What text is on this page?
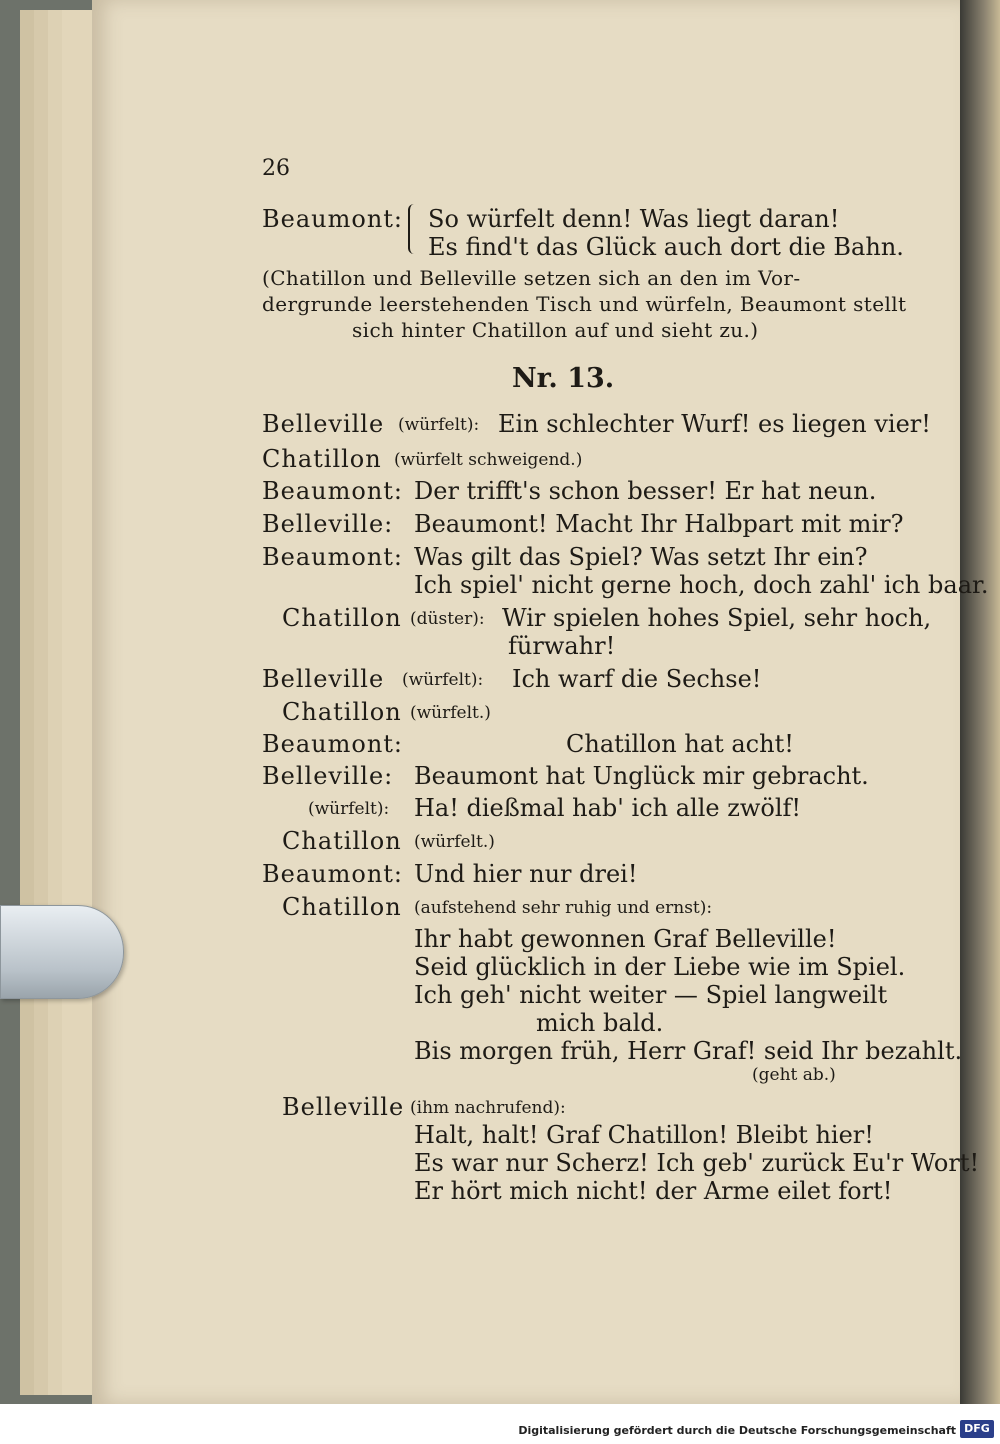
26
Beaumont: So würfelt denn! Was liegt daran!
Es find't das Glück auch dort die Bahn.
(Chatillon und Belleville setzen sich an den im Vor-
dergrunde leerstehenden Tisch und würfeln, Beaumont stellt
sich hinter Chatillon auf und sieht zu.)
Nr. 13.
Belleville (würfelt): Ein schlechter Wurf! es liegen vier!
Chatillon (würfelt schweigend.)
Beaumont: Der trifft's schon besser! Er hat neun.
Belleville: Beaumont! Macht Ihr Halbpart mit mir?
Beaumont: Was gilt das Spiel? Was setzt Ihr ein?
Ich spiel' nicht gerne hoch, doch zahl' ich baar.
Chatillon (düster): Wir spielen hohes Spiel, sehr hoch,
fürwahr!
Belleville (würfelt): Ich warf die Sechse!
Chatillon (würfelt.)
Beaumont:	Chatillon hat acht!
Belleville: Beaumont hat Unglück mir gebracht.
(würfelt): Ha! dießmal hab' ich alle zwölf!
Chatillon (würfelt.)
Beaumont: Und hier nur drei!
Chatillon (aufstehend sehr ruhig und ernst):
Ihr habt gewonnen Graf Belleville!
Seid glücklich in der Liebe wie im Spiel.
Ich geh' nicht weiter — Spiel langweilt
mich bald.
Bis morgen früh, Herr Graf! seid Ihr bezahlt.
(geht ab.)
Belleville (ihm nachrufend):
Halt, halt! Graf Chatillon! Bleibt hier!
Es war nur Scherz! Ich geb' zurück Eu'r Wort!
Er hört mich nicht! der Arme eilet fort!
Digitalisierung gefördert durch die Deutsche Forschungsgemeinschaft DFG
